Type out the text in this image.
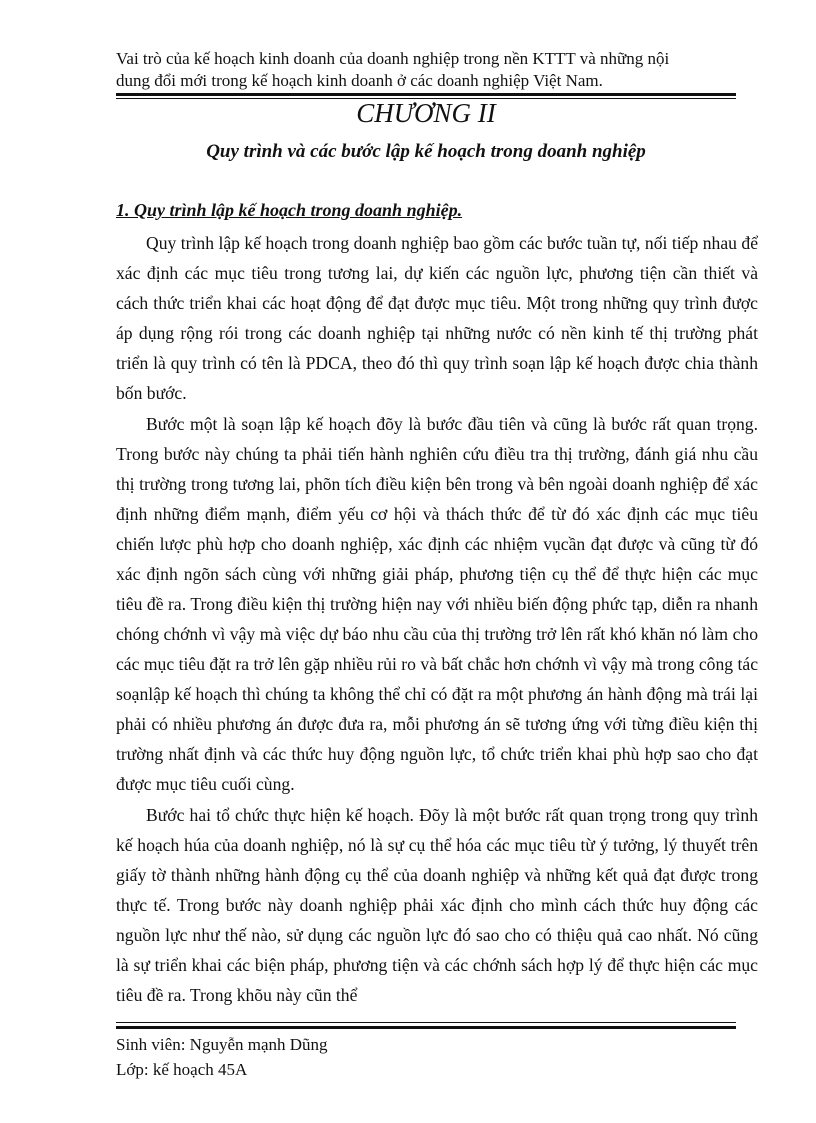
Vai trò của kế hoạch kinh doanh của doanh nghiệp trong nền KTTT và những nội

dung đổi mới trong kế hoạch kinh doanh ở các doanh nghiệp Việt Nam.

CHƯƠNG II
Quy trình và các bước lập kế hoạch trong doanh nghiệp
1. Quy trình lập kế hoạch trong doanh nghiệp.

Quy trình lập kế hoạch trong doanh nghiệp bao gồm các bước tuần tự, nối tiếp nhau để xác định các mục tiêu trong tương lai, dự kiến các nguồn lực, phương tiện cần thiết và cách thức triển khai các hoạt động để đạt được mục tiêu. Một trong những quy trình được áp dụng rộng rói trong các doanh nghiệp tại những nước có nền kinh tế thị trường phát triển là quy trình có tên là PDCA, theo đó thì quy trình soạn lập kế hoạch được chia thành bốn bước.

Bước một là soạn lập kế hoạch đõy là bước đầu tiên và cũng là bước rất quan trọng. Trong bước này chúng ta phải tiến hành nghiên cứu điều tra thị trường, đánh giá nhu cầu thị trường trong tương lai, phõn tích điều kiện bên trong và bên ngoài doanh nghiệp để xác định những điểm mạnh, điểm yếu cơ hội và thách thức để từ đó xác định các mục tiêu chiến lược phù hợp cho doanh nghiệp, xác định các nhiệm vụcần đạt được và cũng từ đó xác định ngõn sách cùng với những giải pháp, phương tiện cụ thể để thực hiện các mục tiêu đề ra. Trong điều kiện thị trường hiện nay với nhiều biến động phức tạp, diễn ra nhanh chóng chớnh vì vậy mà việc dự báo nhu cầu của thị trường trở lên rất khó khăn nó làm cho các mục tiêu đặt ra trở lên gặp nhiều rủi ro và bất chắc hơn chớnh vì vậy mà trong công tác soạnlập kế hoạch thì chúng ta không thể chỉ có đặt ra một phương án hành động mà trái lại phải có nhiều phương án được đưa ra, mỗi phương án sẽ tương ứng với từng điều kiện thị trường nhất định và các thức huy động nguồn lực, tổ chức triển khai phù hợp sao cho đạt được mục tiêu cuối cùng.

Bước hai tổ chức thực hiện kế hoạch. Đõy là một bước rất quan trọng trong quy trình kế hoạch húa của doanh nghiệp, nó là sự cụ thể hóa các mục tiêu từ ý tưởng, lý thuyết trên giấy tờ thành những hành động cụ thể của doanh nghiệp và những kết quả đạt được trong thực tế. Trong bước này doanh nghiệp phải xác định cho mình cách thức huy động các nguồn lực như thế nào, sử dụng các nguồn lực đó sao cho có thiệu quả cao nhất. Nó cũng là sự triển khai các biện pháp, phương tiện và các chớnh sách hợp lý để thực hiện các mục tiêu đề ra. Trong khõu này cũn thể

Sinh viên: Nguyễn mạnh Dũng

Lớp: kế hoạch 45A
